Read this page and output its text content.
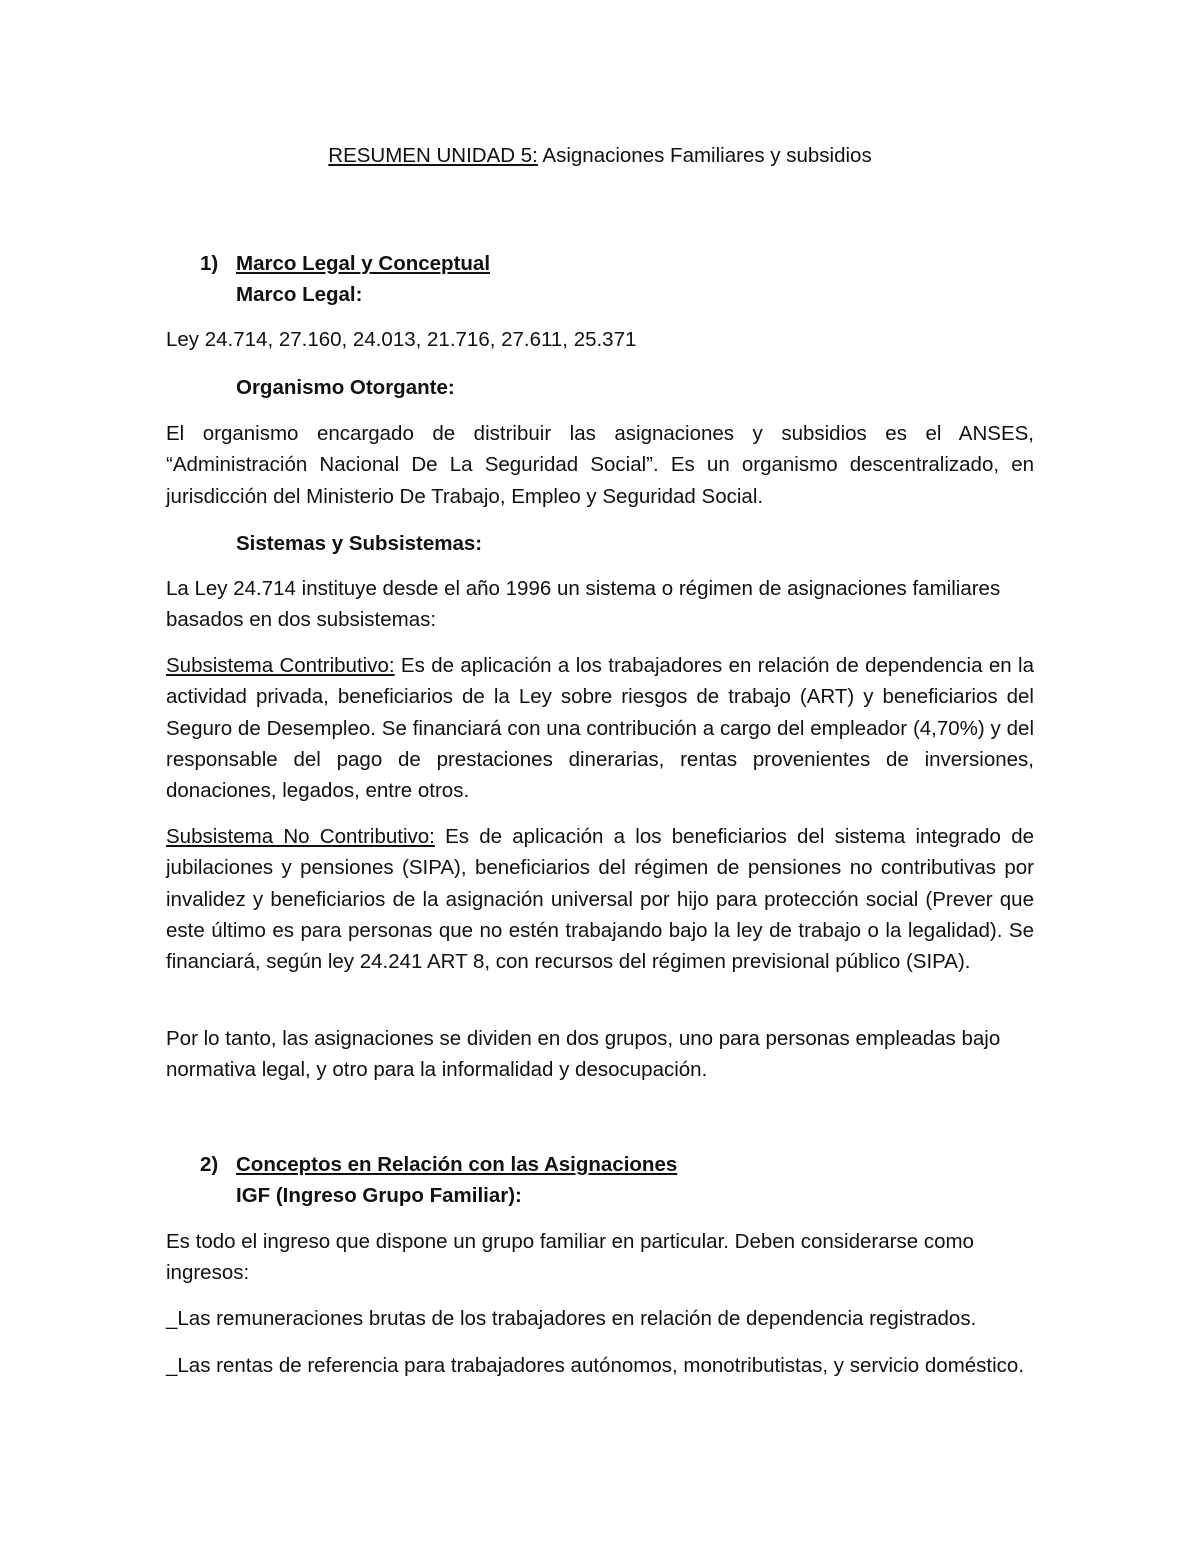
RESUMEN UNIDAD 5: Asignaciones Familiares y subsidios
1) Marco Legal y Conceptual
Marco Legal:
Ley 24.714, 27.160, 24.013, 21.716, 27.611, 25.371
Organismo Otorgante:

El organismo encargado de distribuir las asignaciones y subsidios es el ANSES, “Administración Nacional De La Seguridad Social”. Es un organismo descentralizado, en jurisdicción del Ministerio De Trabajo, Empleo y Seguridad Social.

Sistemas y Subsistemas:

La Ley 24.714 instituye desde el año 1996 un sistema o régimen de asignaciones familiares basados en dos subsistemas:

Subsistema Contributivo: Es de aplicación a los trabajadores en relación de dependencia en la actividad privada, beneficiarios de la Ley sobre riesgos de trabajo (ART) y beneficiarios del Seguro de Desempleo. Se financiará con una contribución a cargo del empleador (4,70%) y del responsable del pago de prestaciones dinerarias, rentas provenientes de inversiones, donaciones, legados, entre otros.

Subsistema No Contributivo: Es de aplicación a los beneficiarios del sistema integrado de jubilaciones y pensiones (SIPA), beneficiarios del régimen de pensiones no contributivas por invalidez y beneficiarios de la asignación universal por hijo para protección social (Prever que este último es para personas que no estén trabajando bajo la ley de trabajo o la legalidad). Se financiará, según ley 24.241 ART 8, con recursos del régimen previsional público (SIPA).

Por lo tanto, las asignaciones se dividen en dos grupos, uno para personas empleadas bajo normativa legal, y otro para la informalidad y desocupación.

2) Conceptos en Relación con las Asignaciones
IGF (Ingreso Grupo Familiar):

Es todo el ingreso que dispone un grupo familiar en particular. Deben considerarse como ingresos:

_Las remuneraciones brutas de los trabajadores en relación de dependencia registrados.

_Las rentas de referencia para trabajadores autónomos, monotributistas, y servicio doméstico.
